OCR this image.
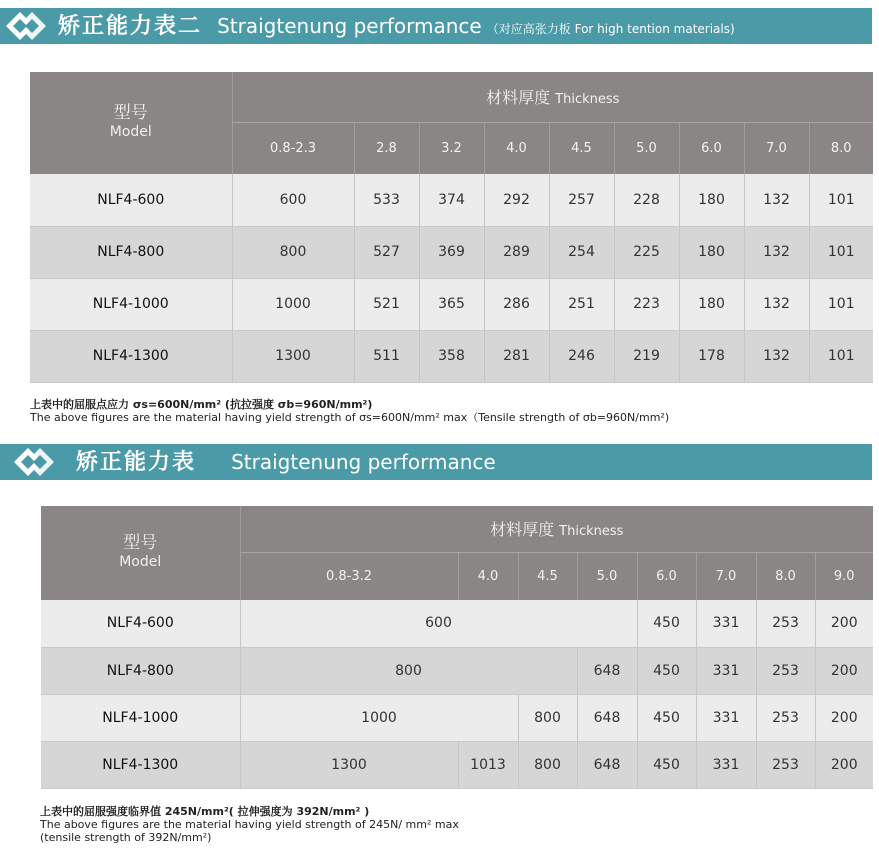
矫正能力表二 Straigtenung performance （对应高张力板 For high tention materials)
型号
Model	材料厚度 Thickness								
	0.8-2.3	2.8	3.2	4.0	4.5	5.0	6.0	7.0	8.0
NLF4-600	600	533	374	292	257	228	180	132	101
NLF4-800	800	527	369	289	254	225	180	132	101
NLF4-1000	1000	521	365	286	251	223	180	132	101
NLF4-1300	1300	511	358	281	246	219	178	132	101
上表中的屈服点应力 σs=600N/mm² (抗拉强度 σb=960N/mm²)
The above figures are the material having yield strength of σs=600N/mm² max（Tensile strength of σb=960N/mm²)
矫正能力表 Straigtenung performance
型号
Model	材料厚度 Thickness							
	0.8-3.2	4.0	4.5	5.0	6.0	7.0	8.0	9.0
NLF4-600	600				450	331	253	200
NLF4-800	800			648	450	331	253	200
NLF4-1000	1000		800	648	450	331	253	200
NLF4-1300	1300	1013	800	648	450	331	253	200
上表中的屈服强度临界值 245N/mm²( 拉伸强度为 392N/mm² )
The above figures are the material having yield strength of 245N/ mm² max
(tensile strength of 392N/mm²)
